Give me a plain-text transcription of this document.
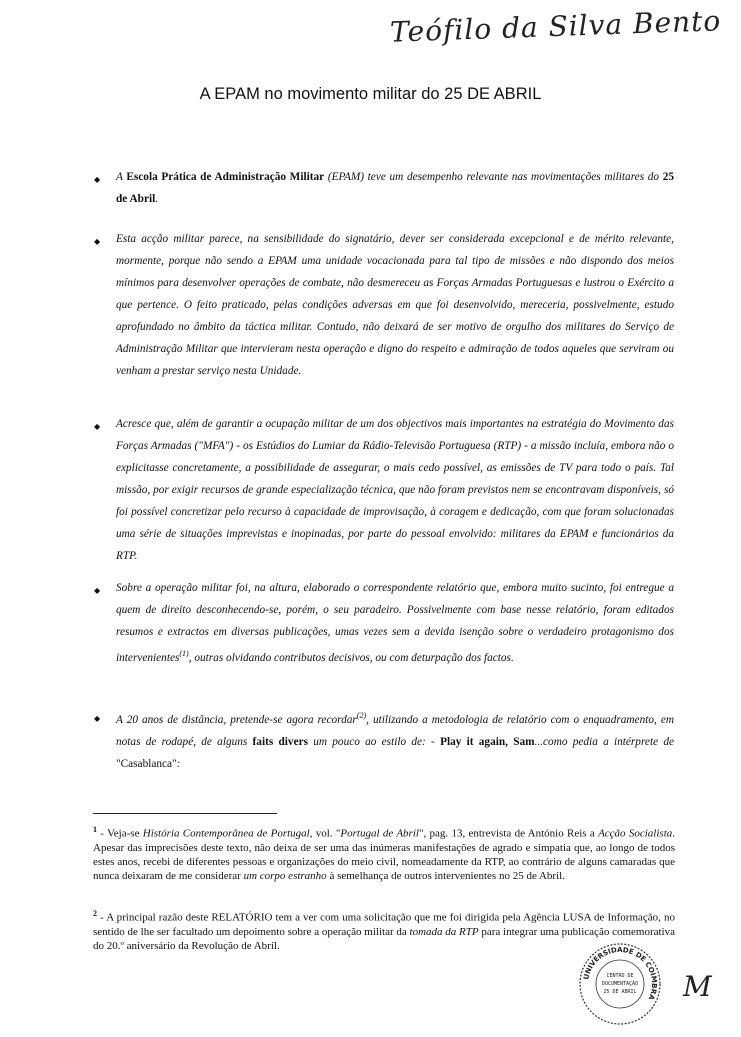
Teófilo da Silva Bento
A EPAM no movimento militar do 25 DE ABRIL
◆ A Escola Prática de Administração Militar (EPAM) teve um desempenho relevante nas movimentações militares do 25 de Abril.
◆ Esta acção militar parece, na sensibilidade do signatário, dever ser considerada excepcional e de mérito relevante, mormente, porque não sendo a EPAM uma unidade vocacionada para tal tipo de missões e não dispondo dos meios mínimos para desenvolver operações de combate, não desmereceu as Forças Armadas Portuguesas e lustrou o Exército a que pertence. O feito praticado, pelas condições adversas em que foi desenvolvido, mereceria, possivelmente, estudo aprofundado no âmbito da táctica militar. Contudo, não deixará de ser motivo de orgulho dos militares do Serviço de Administração Militar que intervieram nesta operação e digno do respeito e admiração de todos aqueles que serviram ou venham a prestar serviço nesta Unidade.
◆ Acresce que, além de garantir a ocupação militar de um dos objectivos mais importantes na estratégia do Movimento das Forças Armadas ("MFA") - os Estúdios do Lumiar da Rádio-Televisão Portuguesa (RTP) - a missão incluía, embora não o explicitasse concretamente, a possibilidade de assegurar, o mais cedo possível, as emissões de TV para todo o país. Tal missão, por exigir recursos de grande especialização técnica, que não foram previstos nem se encontravam disponíveis, só foi possível concretizar pelo recurso à capacidade de improvisação, à coragem e dedicação, com que foram solucionadas uma série de situações imprevistas e inopinadas, por parte do pessoal envolvido: militares da EPAM e funcionários da RTP.
◆ Sobre a operação militar foi, na altura, elaborado o correspondente relatório que, embora muito sucinto, foi entregue a quem de direito desconhecendo-se, porém, o seu paradeiro. Possivelmente com base nesse relatório, foram editados resumos e extractos em diversas publicações, umas vezes sem a devida isenção sobre o verdadeiro protagonismo dos intervenientes$^{(1)}$, outras olvidando contributos decisivos, ou com deturpação dos factos.
◆ A 20 anos de distância, pretende-se agora recordar$^{(2)}$, utilizando a metodologia de relatório com o enquadramento, em notas de rodapé, de alguns faits divers um pouco ao estilo de: - Play it again, Sam...como pedia a intérprete de "Casablanca":
$^1$ - Veja-se História Contemporânea de Portugal, vol. "Portugal de Abril", pag. 13, entrevista de António Reis a Acção Socialista. Apesar das imprecisões deste texto, não deixa de ser uma das inúmeras manifestações de agrado e simpatia que, ao longo de todos estes anos, recebi de diferentes pessoas e organizações do meio civil, nomeadamente da RTP, ao contrário de alguns camaradas que nunca deixaram de me considerar um corpo estranho à semelhança de outros intervenientes no 25 de Abril.
$^2$ - A principal razão deste RELATÓRIO tem a ver com uma solicitação que me foi dirigida pela Agência LUSA de Informação, no sentido de lhe ser facultado um depoimento sobre a operação militar da tomada da RTP para integrar uma publicação comemorativa do 20.º aniversário da Revolução de Abril.
UNIVERSIDADE DE COIMBRA
CENTRO DE
DOCUMENTAÇÃO
25 DE ABRIL M
